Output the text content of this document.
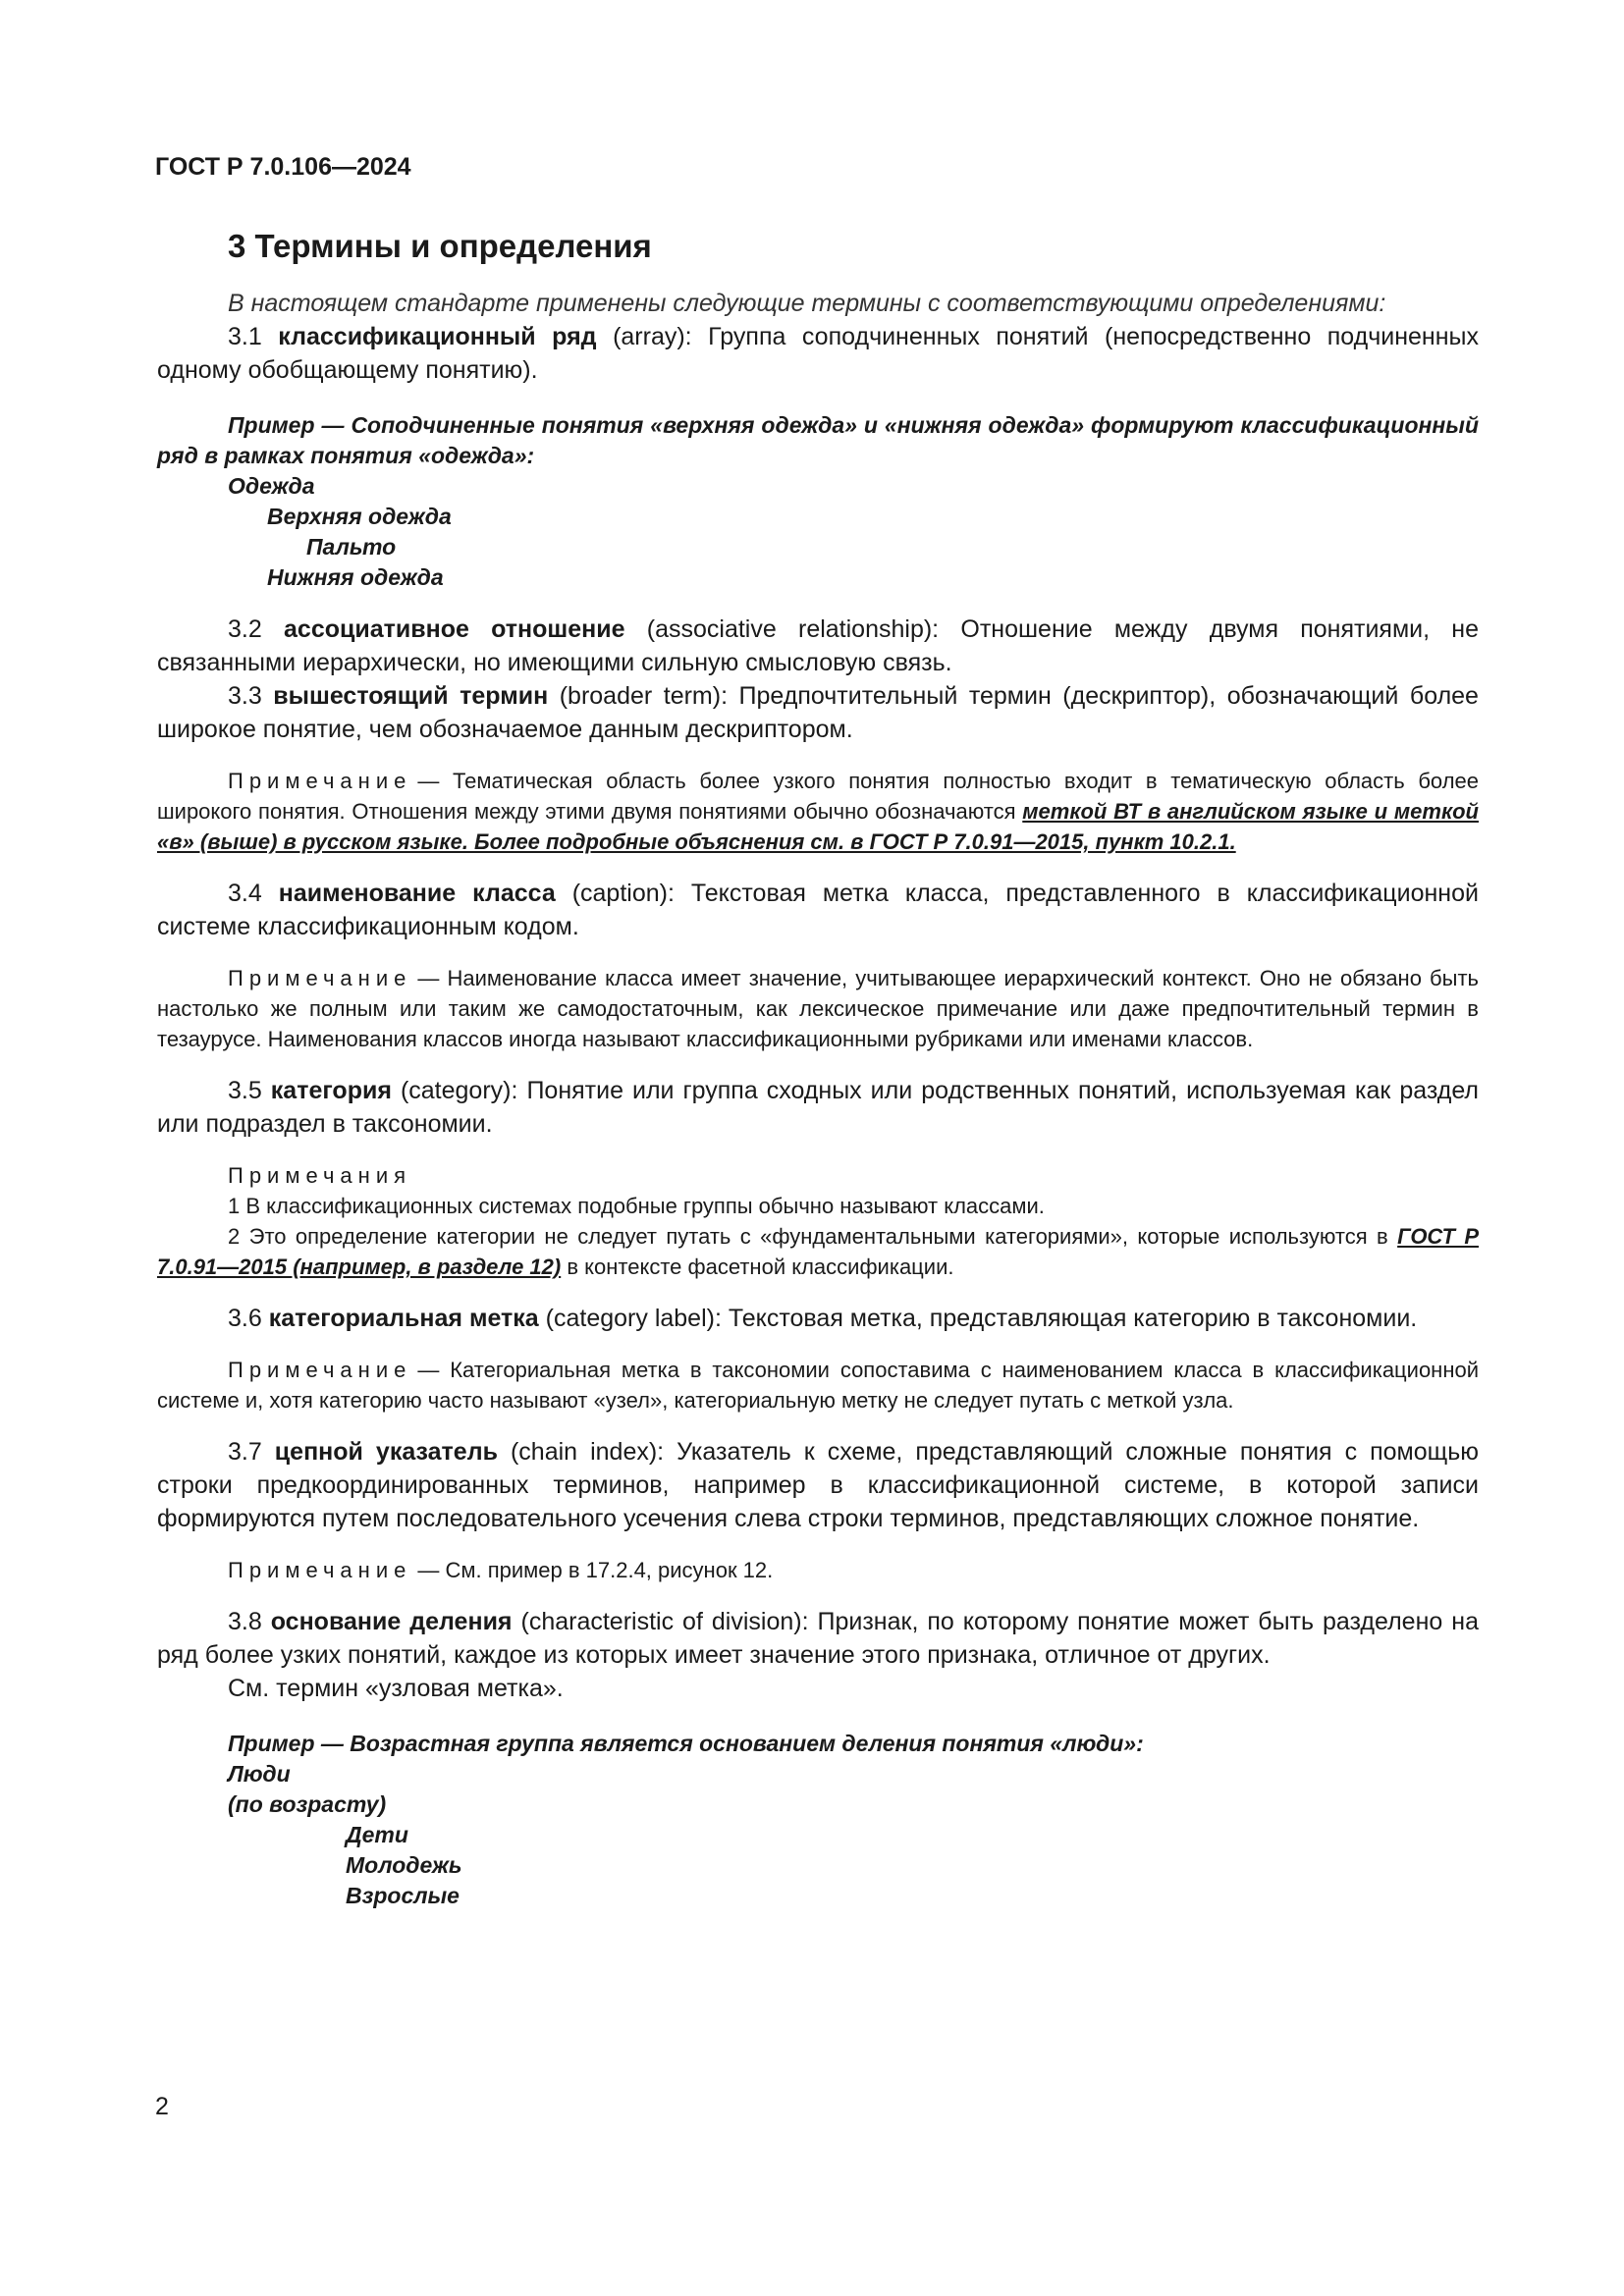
ГОСТ Р 7.0.106—2024

3 Термины и определения

В настоящем стандарте применены следующие термины с соответствующими определениями:

3.1 классификационный ряд (array): Группа соподчиненных понятий (непосредственно подчиненных одному обобщающему понятию).

Пример — Соподчиненные понятия «верхняя одежда» и «нижняя одежда» формируют классификационный ряд в рамках понятия «одежда»:

Одежда
Верхняя одежда
Пальто
Нижняя одежда

3.2 ассоциативное отношение (associative relationship): Отношение между двумя понятиями, не связанными иерархически, но имеющими сильную смысловую связь.

3.3 вышестоящий термин (broader term): Предпочтительный термин (дескриптор), обозначающий более широкое понятие, чем обозначаемое данным дескриптором.

Примечание — Тематическая область более узкого понятия полностью входит в тематическую область более широкого понятия. Отношения между этими двумя понятиями обычно обозначаются меткой ВТ в английском языке и меткой «в» (выше) в русском языке. Более подробные объяснения см. в ГОСТ Р 7.0.91—2015, пункт 10.2.1.

3.4 наименование класса (caption): Текстовая метка класса, представленного в классификационной системе классификационным кодом.

Примечание — Наименование класса имеет значение, учитывающее иерархический контекст. Оно не обязано быть настолько же полным или таким же самодостаточным, как лексическое примечание или даже предпочтительный термин в тезаурусе. Наименования классов иногда называют классификационными рубриками или именами классов.

3.5 категория (category): Понятие или группа сходных или родственных понятий, используемая как раздел или подраздел в таксономии.

Примечания

1 В классификационных системах подобные группы обычно называют классами.

2 Это определение категории не следует путать с «фундаментальными категориями», которые используются в ГОСТ Р 7.0.91—2015 (например, в разделе 12) в контексте фасетной классификации.

3.6 категориальная метка (category label): Текстовая метка, представляющая категорию в таксономии.

Примечание — Категориальная метка в таксономии сопоставима с наименованием класса в классификационной системе и, хотя категорию часто называют «узел», категориальную метку не следует путать с меткой узла.

3.7 цепной указатель (chain index): Указатель к схеме, представляющий сложные понятия с помощью строки предкоординированных терминов, например в классификационной системе, в которой записи формируются путем последовательного усечения слева строки терминов, представляющих сложное понятие.

Примечание — См. пример в 17.2.4, рисунок 12.

3.8 основание деления (characteristic of division): Признак, по которому понятие может быть разделено на ряд более узких понятий, каждое из которых имеет значение этого признака, отличное от других.

См. термин «узловая метка».

Пример — Возрастная группа является основанием деления понятия «люди»:

Люди
(по возрасту)
Дети
Молодежь
Взрослые
2
